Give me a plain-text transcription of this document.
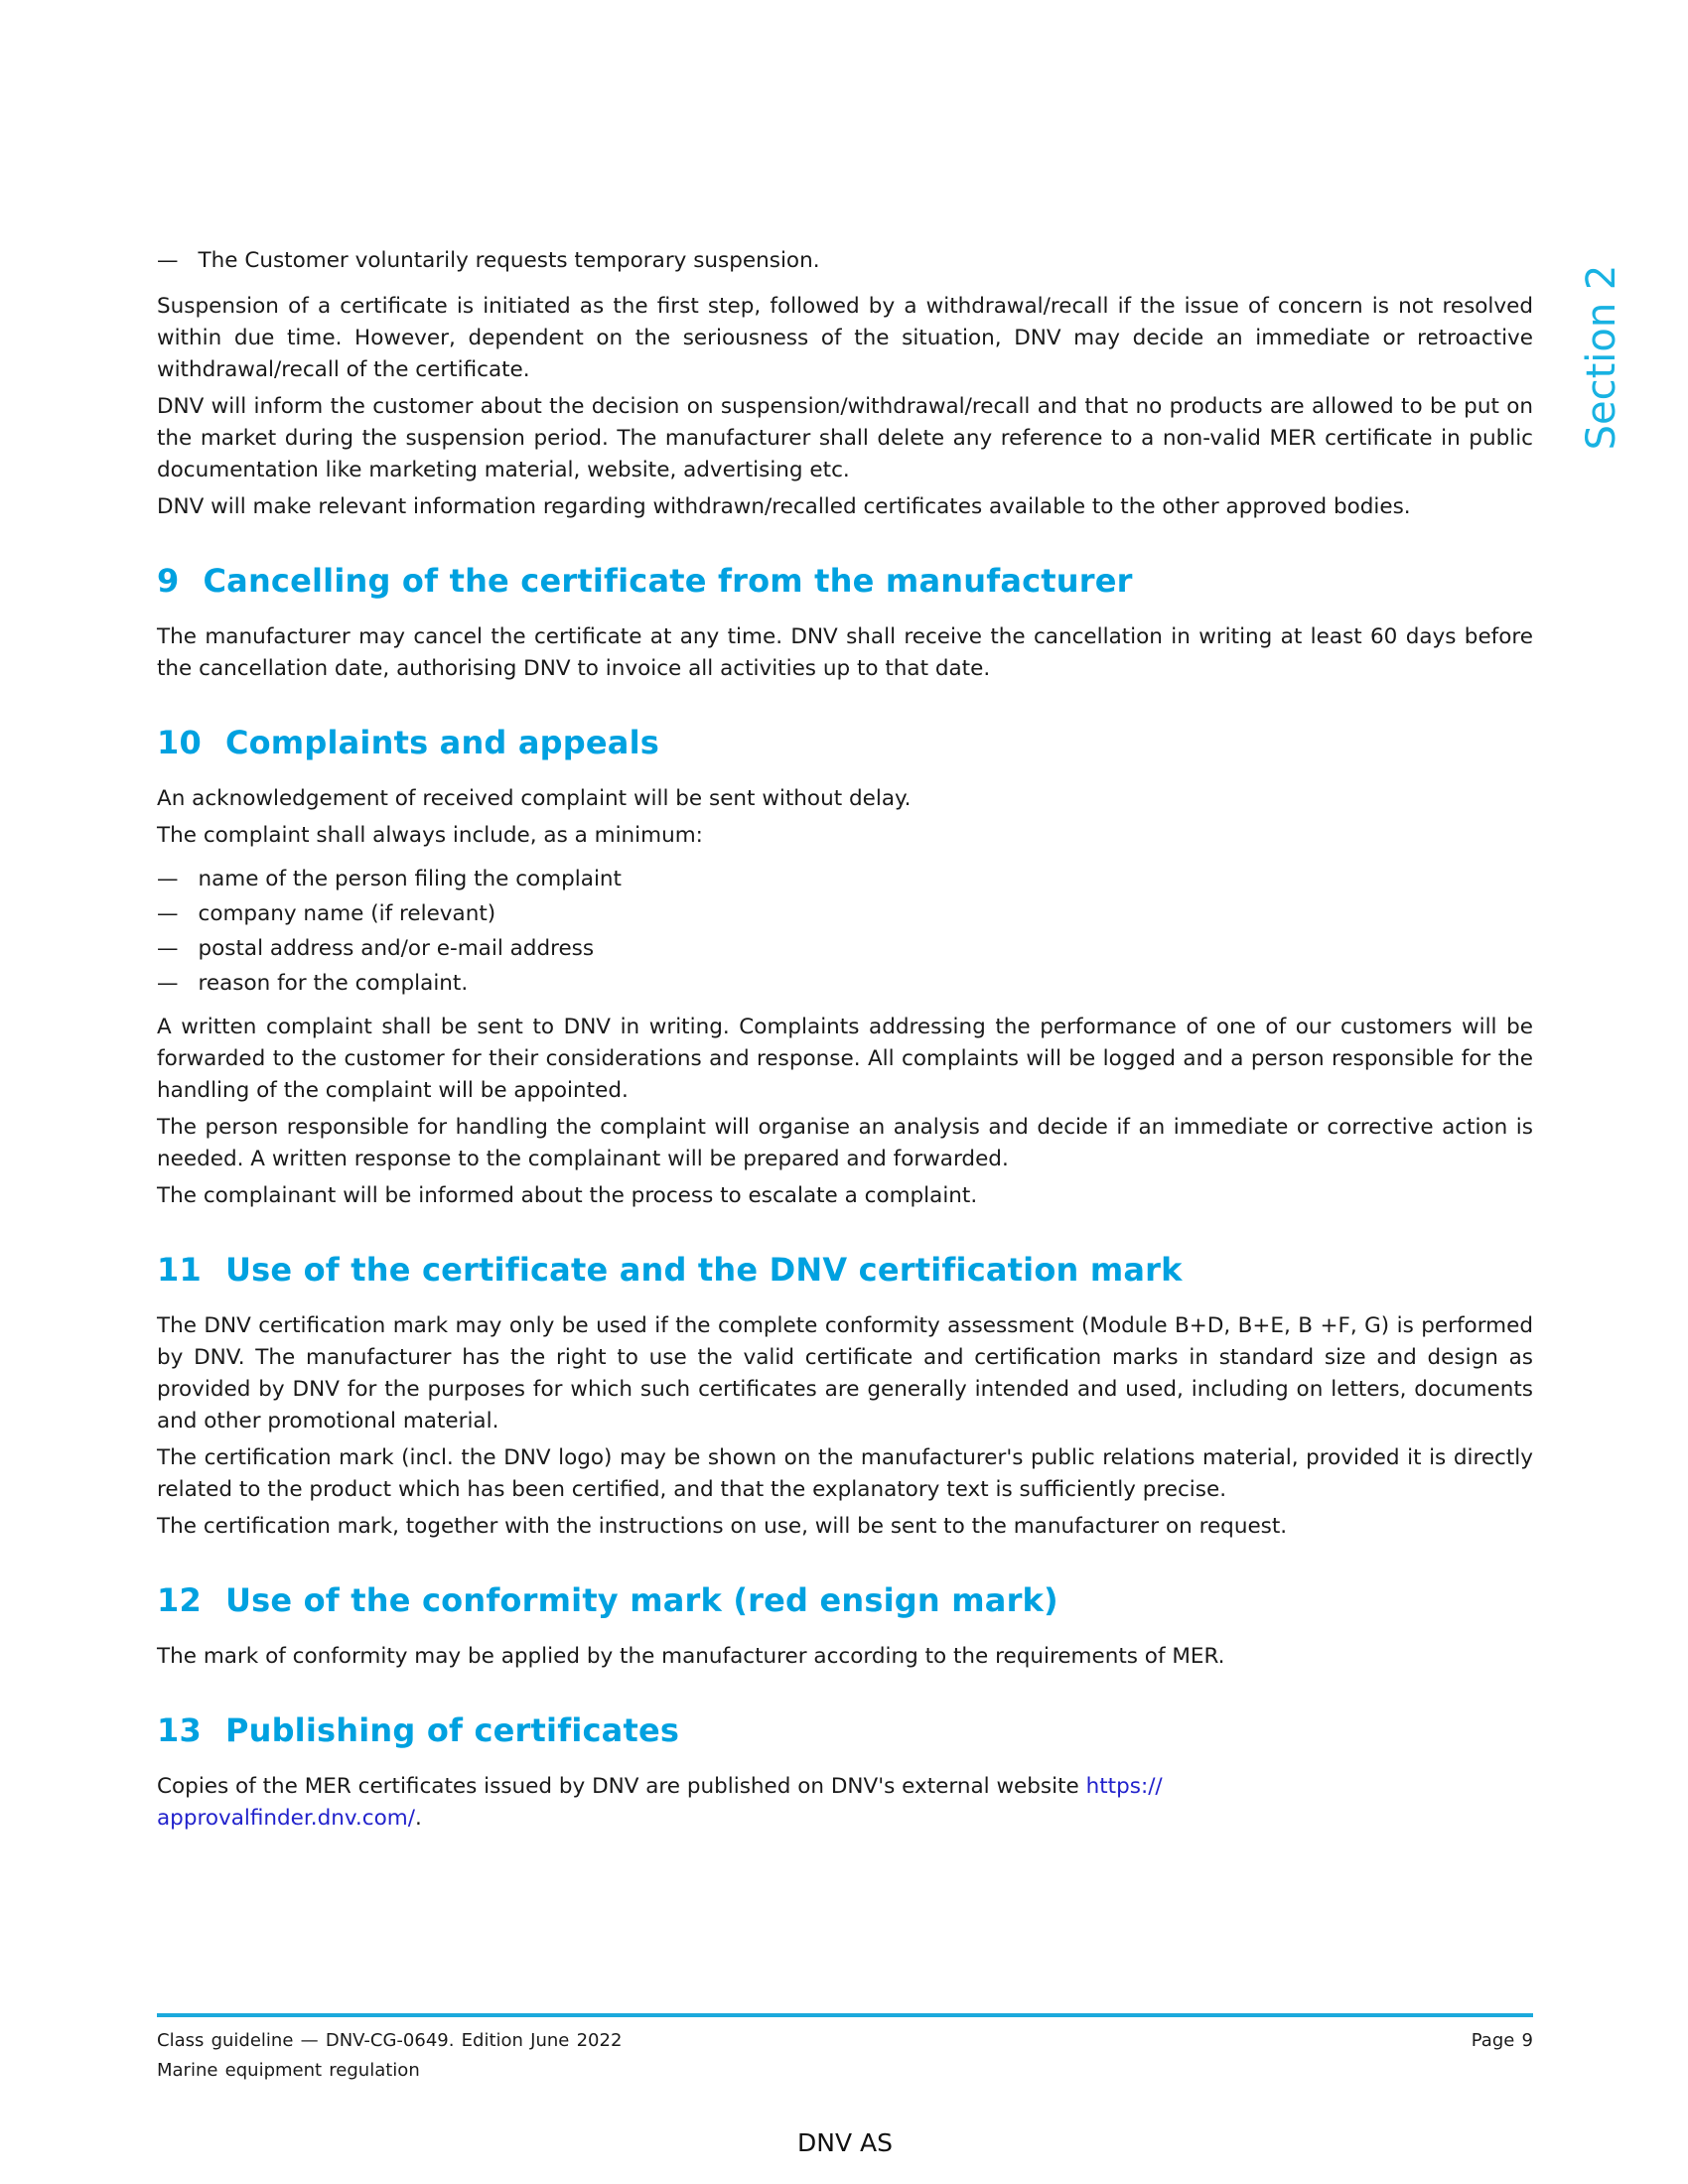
Section 2
— The Customer voluntarily requests temporary suspension.

Suspension of a certificate is initiated as the first step, followed by a withdrawal/recall if the issue of concern is not resolved within due time. However, dependent on the seriousness of the situation, DNV may decide an immediate or retroactive withdrawal/recall of the certificate.

DNV will inform the customer about the decision on suspension/withdrawal/recall and that no products are allowed to be put on the market during the suspension period. The manufacturer shall delete any reference to a non-valid MER certificate in public documentation like marketing material, website, advertising etc.

DNV will make relevant information regarding withdrawn/recalled certificates available to the other approved bodies.

9 Cancelling of the certificate from the manufacturer

The manufacturer may cancel the certificate at any time. DNV shall receive the cancellation in writing at least 60 days before the cancellation date, authorising DNV to invoice all activities up to that date.

10 Complaints and appeals

An acknowledgement of received complaint will be sent without delay.

The complaint shall always include, as a minimum:

— name of the person filing the complaint
— company name (if relevant)
— postal address and/or e-mail address
— reason for the complaint.

A written complaint shall be sent to DNV in writing. Complaints addressing the performance of one of our customers will be forwarded to the customer for their considerations and response. All complaints will be logged and a person responsible for the handling of the complaint will be appointed.

The person responsible for handling the complaint will organise an analysis and decide if an immediate or corrective action is needed. A written response to the complainant will be prepared and forwarded.

The complainant will be informed about the process to escalate a complaint.

11 Use of the certificate and the DNV certification mark

The DNV certification mark may only be used if the complete conformity assessment (Module B+D, B+E, B +F, G) is performed by DNV. The manufacturer has the right to use the valid certificate and certification marks in standard size and design as provided by DNV for the purposes for which such certificates are generally intended and used, including on letters, documents and other promotional material.

The certification mark (incl. the DNV logo) may be shown on the manufacturer's public relations material, provided it is directly related to the product which has been certified, and that the explanatory text is sufficiently precise.

The certification mark, together with the instructions on use, will be sent to the manufacturer on request.

12 Use of the conformity mark (red ensign mark)

The mark of conformity may be applied by the manufacturer according to the requirements of MER.

13 Publishing of certificates

Copies of the MER certificates issued by DNV are published on DNV's external website https://
approvalfinder.dnv.com/.

Class guideline — DNV-CG-0649. Edition June 2022	Page 9
Marine equipment regulation
DNV AS
